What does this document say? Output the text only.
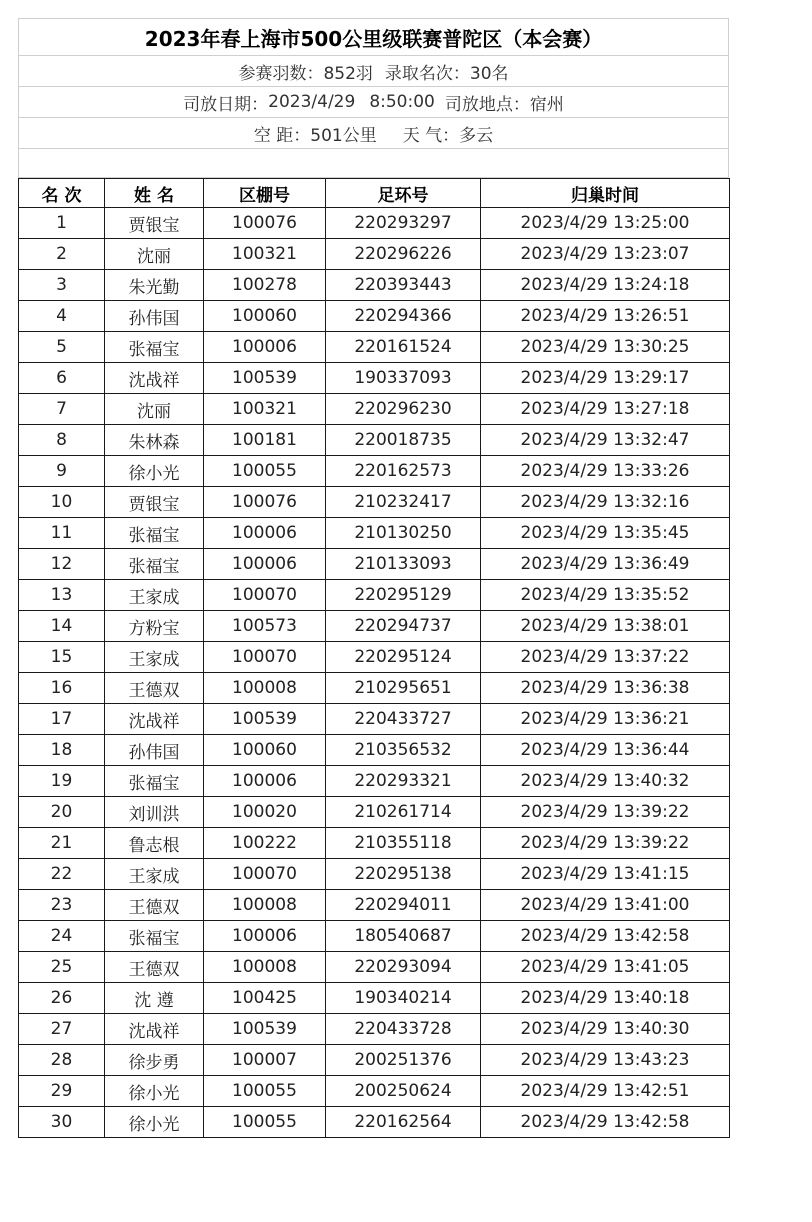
2023年春上海市500公里级联赛普陀区（本会赛）
参赛羽数： 852羽 录取名次： 30名
司放日期： 2023/4/29 8:50:00 司放地点： 宿州
空 距： 501公里 天 气： 多云
名 次	姓 名	区棚号	足环号	归巢时间
1	贾银宝	100076	220293297	2023/4/29 13:25:00
2	沈丽	100321	220296226	2023/4/29 13:23:07
3	朱光勤	100278	220393443	2023/4/29 13:24:18
4	孙伟国	100060	220294366	2023/4/29 13:26:51
5	张福宝	100006	220161524	2023/4/29 13:30:25
6	沈战祥	100539	190337093	2023/4/29 13:29:17
7	沈丽	100321	220296230	2023/4/29 13:27:18
8	朱林森	100181	220018735	2023/4/29 13:32:47
9	徐小光	100055	220162573	2023/4/29 13:33:26
10	贾银宝	100076	210232417	2023/4/29 13:32:16
11	张福宝	100006	210130250	2023/4/29 13:35:45
12	张福宝	100006	210133093	2023/4/29 13:36:49
13	王家成	100070	220295129	2023/4/29 13:35:52
14	方粉宝	100573	220294737	2023/4/29 13:38:01
15	王家成	100070	220295124	2023/4/29 13:37:22
16	王德双	100008	210295651	2023/4/29 13:36:38
17	沈战祥	100539	220433727	2023/4/29 13:36:21
18	孙伟国	100060	210356532	2023/4/29 13:36:44
19	张福宝	100006	220293321	2023/4/29 13:40:32
20	刘训洪	100020	210261714	2023/4/29 13:39:22
21	鲁志根	100222	210355118	2023/4/29 13:39:22
22	王家成	100070	220295138	2023/4/29 13:41:15
23	王德双	100008	220294011	2023/4/29 13:41:00
24	张福宝	100006	180540687	2023/4/29 13:42:58
25	王德双	100008	220293094	2023/4/29 13:41:05
26	沈 遵	100425	190340214	2023/4/29 13:40:18
27	沈战祥	100539	220433728	2023/4/29 13:40:30
28	徐步勇	100007	200251376	2023/4/29 13:43:23
29	徐小光	100055	200250624	2023/4/29 13:42:51
30	徐小光	100055	220162564	2023/4/29 13:42:58
